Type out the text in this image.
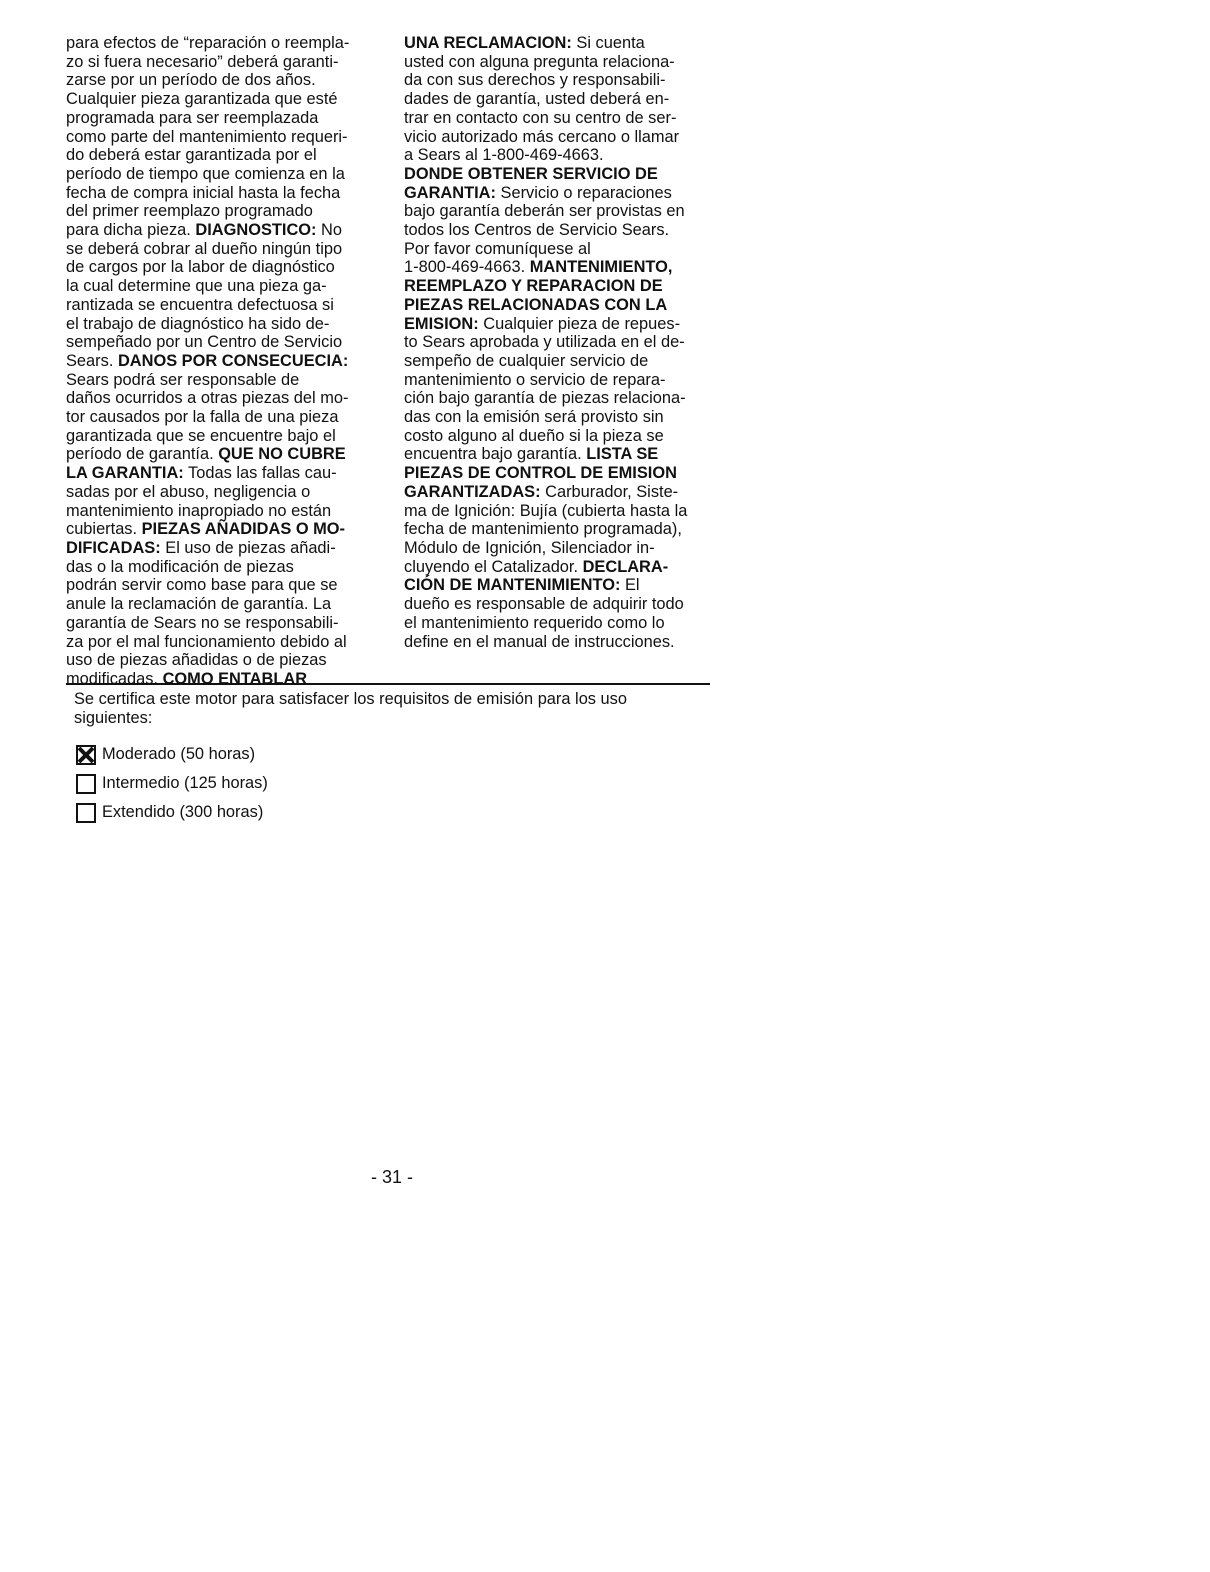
para efectos de “reparación o reempla-
zo si fuera necesario” deberá garanti-
zarse por un período de dos años.
Cualquier pieza garantizada que esté
programada para ser reemplazada
como parte del mantenimiento requeri-
do deberá estar garantizada por el
período de tiempo que comienza en la
fecha de compra inicial hasta la fecha
del primer reemplazo programado
para dicha pieza. DIAGNOSTICO: No
se deberá cobrar al dueño ningún tipo
de cargos por la labor de diagnóstico
la cual determine que una pieza ga-
rantizada se encuentra defectuosa si
el trabajo de diagnóstico ha sido de-
sempeñado por un Centro de Servicio
Sears. DANOS POR CONSECUECIA:
Sears podrá ser responsable de
daños ocurridos a otras piezas del mo-
tor causados por la falla de una pieza
garantizada que se encuentre bajo el
período de garantía. QUE NO CUBRE
LA GARANTIA: Todas las fallas cau-
sadas por el abuso, negligencia o
mantenimiento inapropiado no están
cubiertas. PIEZAS AÑADIDAS O MO-
DIFICADAS: El uso de piezas añadi-
das o la modificación de piezas
podrán servir como base para que se
anule la reclamación de garantía. La
garantía de Sears no se responsabili-
za por el mal funcionamiento debido al
uso de piezas añadidas o de piezas
modificadas. COMO ENTABLAR
UNA RECLAMACION: Si cuenta
usted con alguna pregunta relaciona-
da con sus derechos y responsabili-
dades de garantía, usted deberá en-
trar en contacto con su centro de ser-
vicio autorizado más cercano o llamar
a Sears al 1-800-469-4663.
DONDE OBTENER SERVICIO DE
GARANTIA: Servicio o reparaciones
bajo garantía deberán ser provistas en
todos los Centros de Servicio Sears.
Por favor comuníquese al
1-800-469-4663. MANTENIMIENTO,
REEMPLAZO Y REPARACION DE
PIEZAS RELACIONADAS CON LA
EMISION: Cualquier pieza de repues-
to Sears aprobada y utilizada en el de-
sempeño de cualquier servicio de
mantenimiento o servicio de repara-
ción bajo garantía de piezas relaciona-
das con la emisión será provisto sin
costo alguno al dueño si la pieza se
encuentra bajo garantía. LISTA SE
PIEZAS DE CONTROL DE EMISION
GARANTIZADAS: Carburador, Siste-
ma de Ignición: Bujía (cubierta hasta la
fecha de mantenimiento programada),
Módulo de Ignición, Silenciador in-
cluyendo el Catalizador. DECLARA-
CIÓN DE MANTENIMIENTO: El
dueño es responsable de adquirir todo
el mantenimiento requerido como lo
define en el manual de instrucciones.
Se certifica este motor para satisfacer los requisitos de emisión para los uso
siguientes:
Moderado (50 horas)
Intermedio (125 horas)
Extendido (300 horas)
- 31 -
